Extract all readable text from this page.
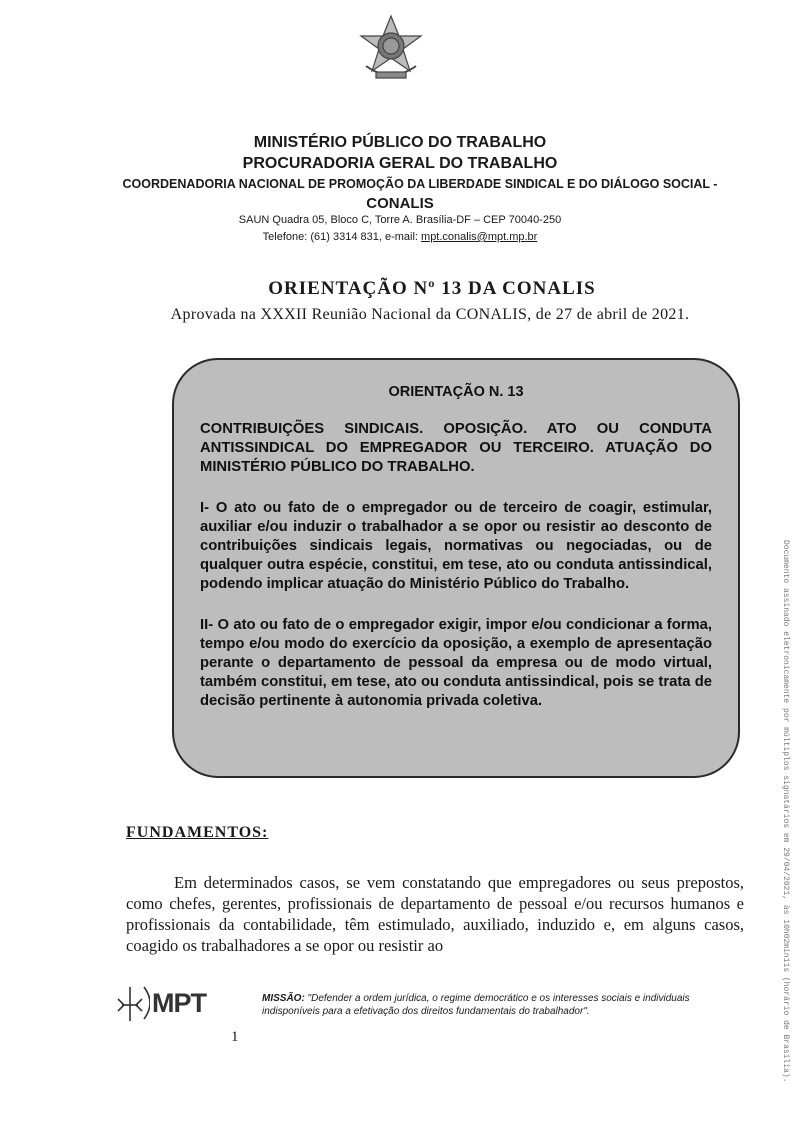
MINISTÉRIO PÚBLICO DO TRABALHO
PROCURADORIA GERAL DO TRABALHO
COORDENADORIA NACIONAL DE PROMOÇÃO DA LIBERDADE SINDICAL E DO DIÁLOGO SOCIAL -
CONALIS
SAUN Quadra 05, Bloco C, Torre A. Brasília-DF – CEP 70040-250
Telefone: (61) 3314 831, e-mail: mpt.conalis@mpt.mp.br
ORIENTAÇÃO Nº 13 DA CONALIS
Aprovada na XXXII Reunião Nacional da CONALIS, de 27 de abril de 2021.
ORIENTAÇÃO N. 13

CONTRIBUIÇÕES SINDICAIS. OPOSIÇÃO. ATO OU CONDUTA ANTISSINDICAL DO EMPREGADOR OU TERCEIRO. ATUAÇÃO DO MINISTÉRIO PÚBLICO DO TRABALHO.

I- O ato ou fato de o empregador ou de terceiro de coagir, estimular, auxiliar e/ou induzir o trabalhador a se opor ou resistir ao desconto de contribuições sindicais legais, normativas ou negociadas, ou de qualquer outra espécie, constitui, em tese, ato ou conduta antissindical, podendo implicar atuação do Ministério Público do Trabalho.

II- O ato ou fato de o empregador exigir, impor e/ou condicionar a forma, tempo e/ou modo do exercício da oposição, a exemplo de apresentação perante o departamento de pessoal da empresa ou de modo virtual, também constitui, em tese, ato ou conduta antissindical, pois se trata de decisão pertinente à autonomia privada coletiva.

FUNDAMENTOS:
Em determinados casos, se vem constatando que empregadores ou seus prepostos, como chefes, gerentes, profissionais de departamento de pessoal e/ou recursos humanos e profissionais da contabilidade, têm estimulado, auxiliado, induzido e, em alguns casos, coagido os trabalhadores a se opor ou resistir ao
MPT	MISSÃO: "Defender a ordem jurídica, o regime democrático e os interesses sociais e individuais indisponíveis para a efetivação dos direitos fundamentais do trabalhador".
1	Documento assinado eletronicamente por múltiplos signatários em 29/04/2021, às 10h02min11s (horário de Brasília).
